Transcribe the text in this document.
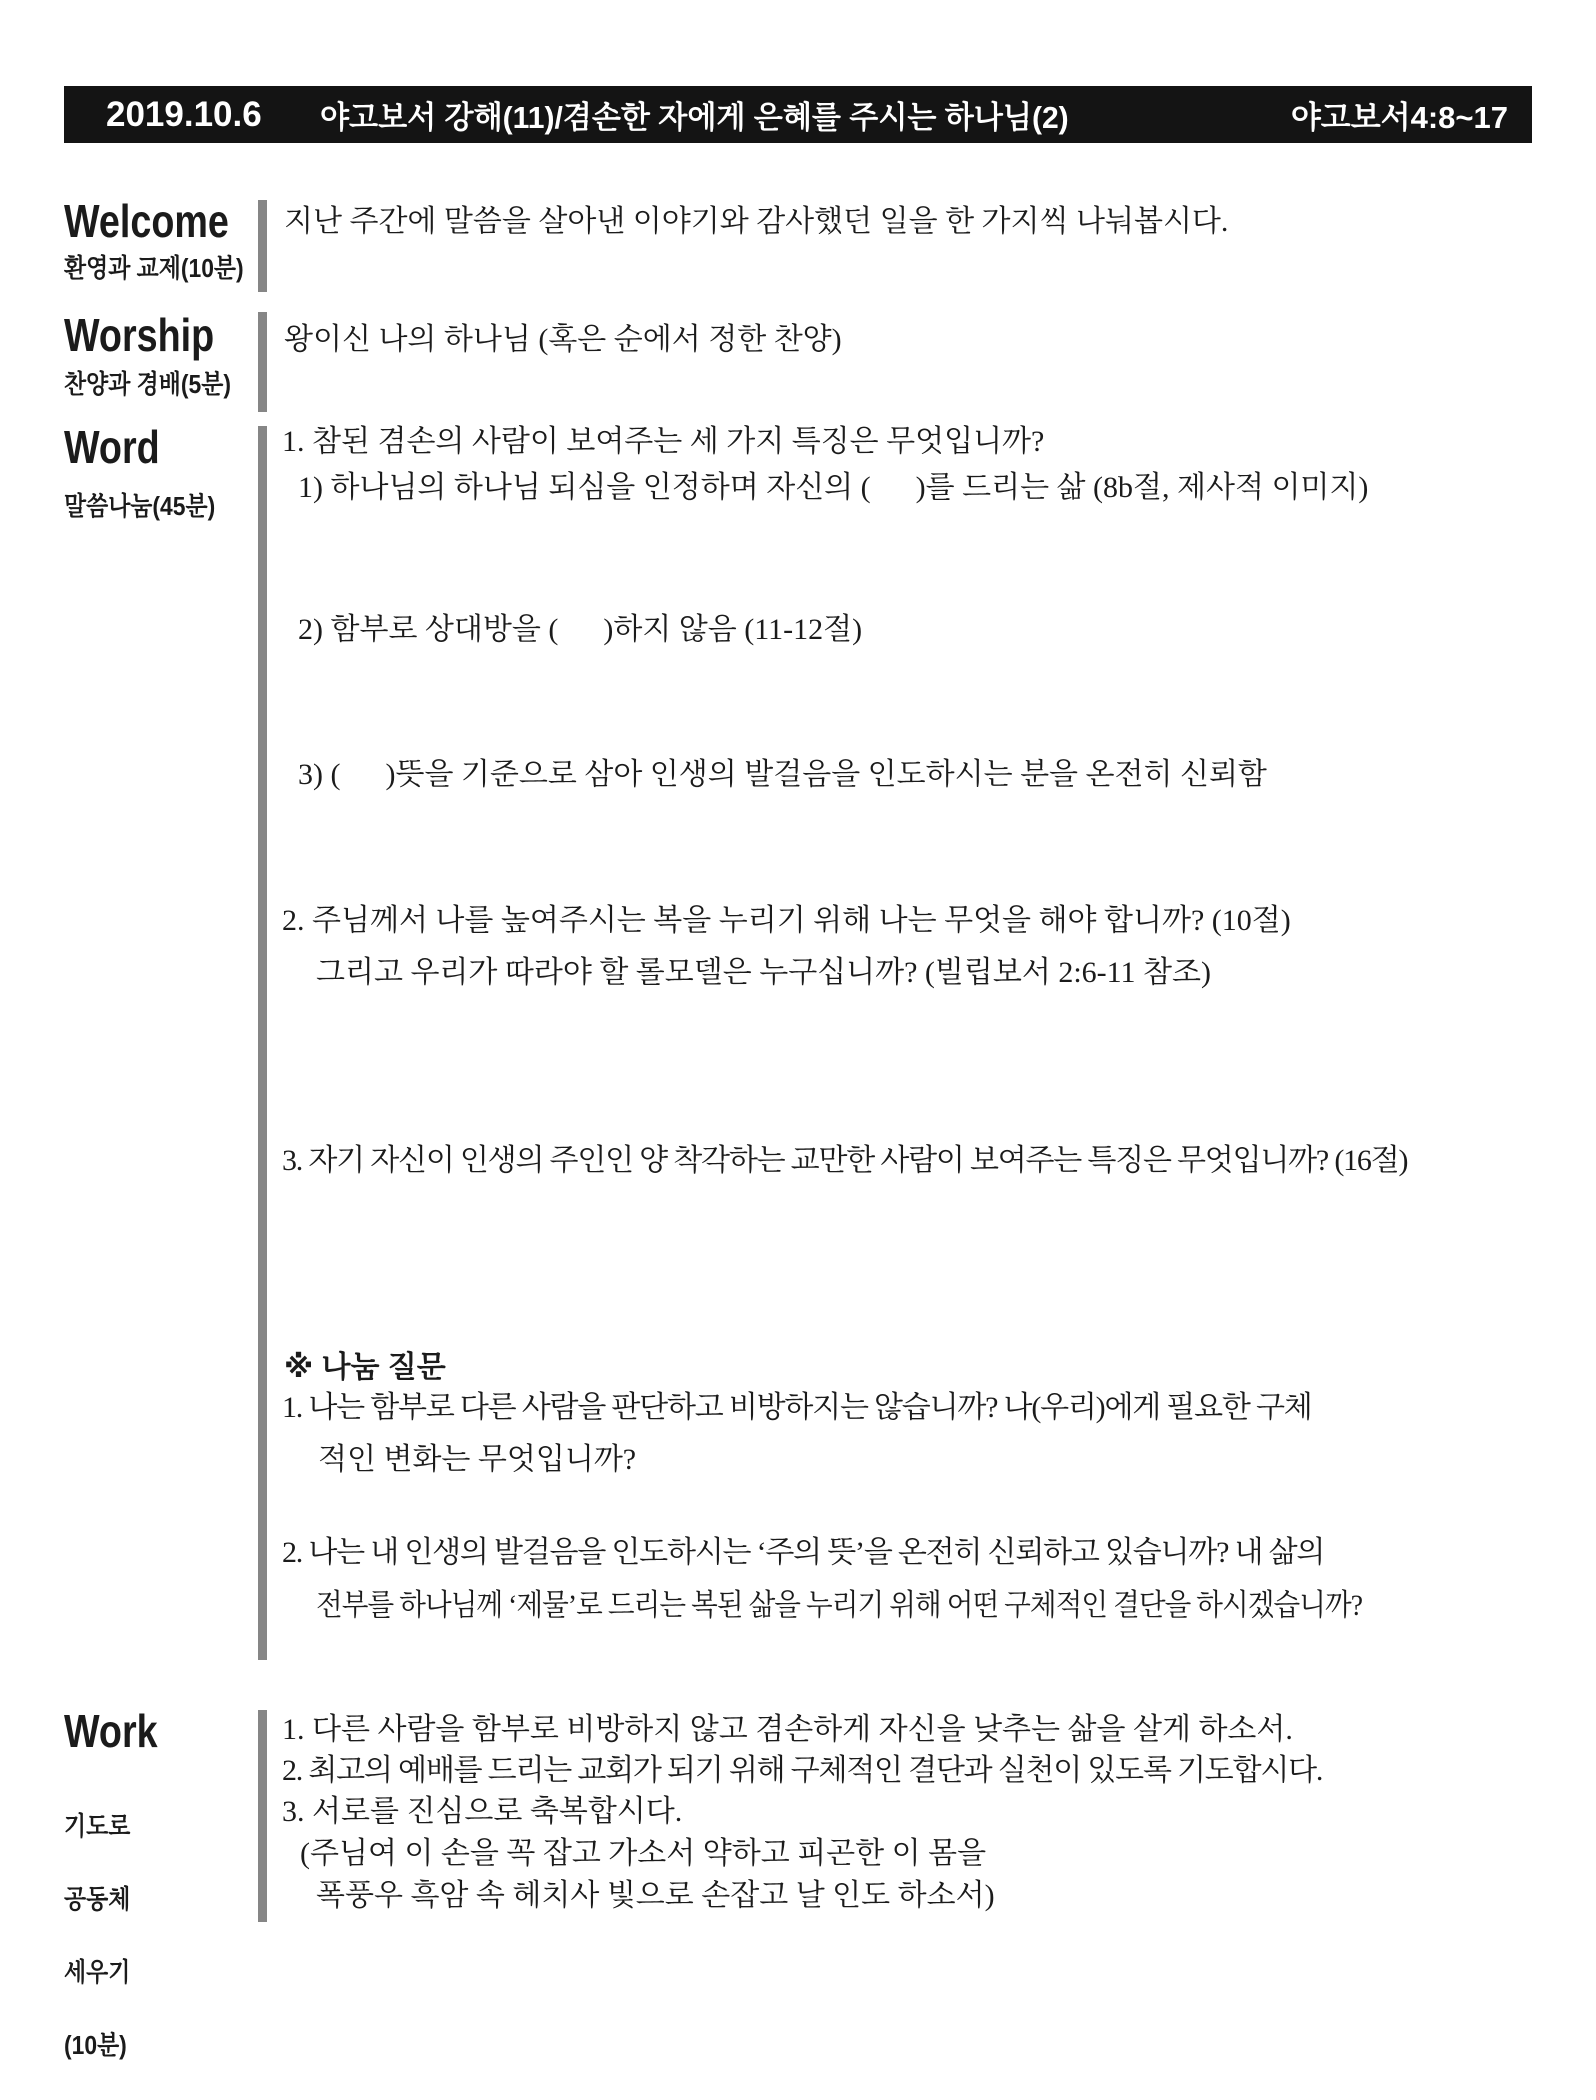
2019.10.6 야고보서 강해(11)/겸손한 자에게 은혜를 주시는 하나님(2)	야고보서4:8~17
Welcome
환영과 교제(10분)
지난 주간에 말씀을 살아낸 이야기와 감사했던 일을 한 가지씩 나눠봅시다.
Worship
찬양과 경배(5분)
왕이신 나의 하나님 (혹은 순에서 정한 찬양)
Word
말씀나눔(45분)
1. 참된 겸손의 사람이 보여주는 세 가지 특징은 무엇입니까?
1) 하나님의 하나님 되심을 인정하며 자신의 (      )를 드리는 삶 (8b절, 제사적 이미지)
2) 함부로 상대방을 (      )하지 않음 (11-12절)
3) (      )뜻을 기준으로 삼아 인생의 발걸음을 인도하시는 분을 온전히 신뢰함
2. 주님께서 나를 높여주시는 복을 누리기 위해 나는 무엇을 해야 합니까? (10절)
그리고 우리가 따라야 할 롤모델은 누구십니까? (빌립보서 2:6-11 참조)
3. 자기 자신이 인생의 주인인 양 착각하는 교만한 사람이 보여주는 특징은 무엇입니까? (16절)
※ 나눔 질문
1. 나는 함부로 다른 사람을 판단하고 비방하지는 않습니까? 나(우리)에게 필요한 구체
적인 변화는 무엇입니까?
2. 나는 내 인생의 발걸음을 인도하시는 ‘주의 뜻’을 온전히 신뢰하고 있습니까? 내 삶의
전부를 하나님께 ‘제물’로 드리는 복된 삶을 누리기 위해 어떤 구체적인 결단을 하시겠습니까?
Work

기도로

공동체

세우기

(10분)

1. 다른 사람을 함부로 비방하지 않고 겸손하게 자신을 낮추는 삶을 살게 하소서.
2. 최고의 예배를 드리는 교회가 되기 위해 구체적인 결단과 실천이 있도록 기도합시다.
3. 서로를 진심으로 축복합시다.
(주님여 이 손을 꼭 잡고 가소서 약하고 피곤한 이 몸을
폭풍우 흑암 속 헤치사 빛으로 손잡고 날 인도 하소서)
